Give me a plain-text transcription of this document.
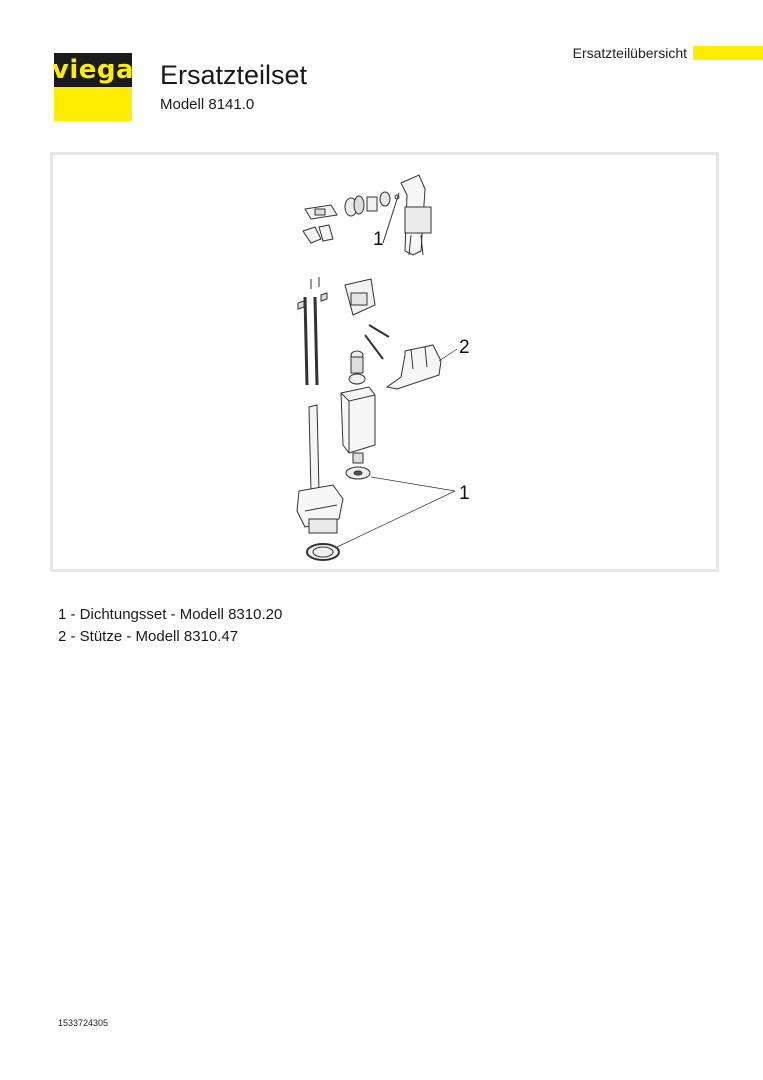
Ersatzteilübersicht
viega Ersatzteilset

Modell 8141.0

1
2
1
1 - Dichtungsset - Modell 8310.20
2 - Stütze - Modell 8310.47
1533724305
